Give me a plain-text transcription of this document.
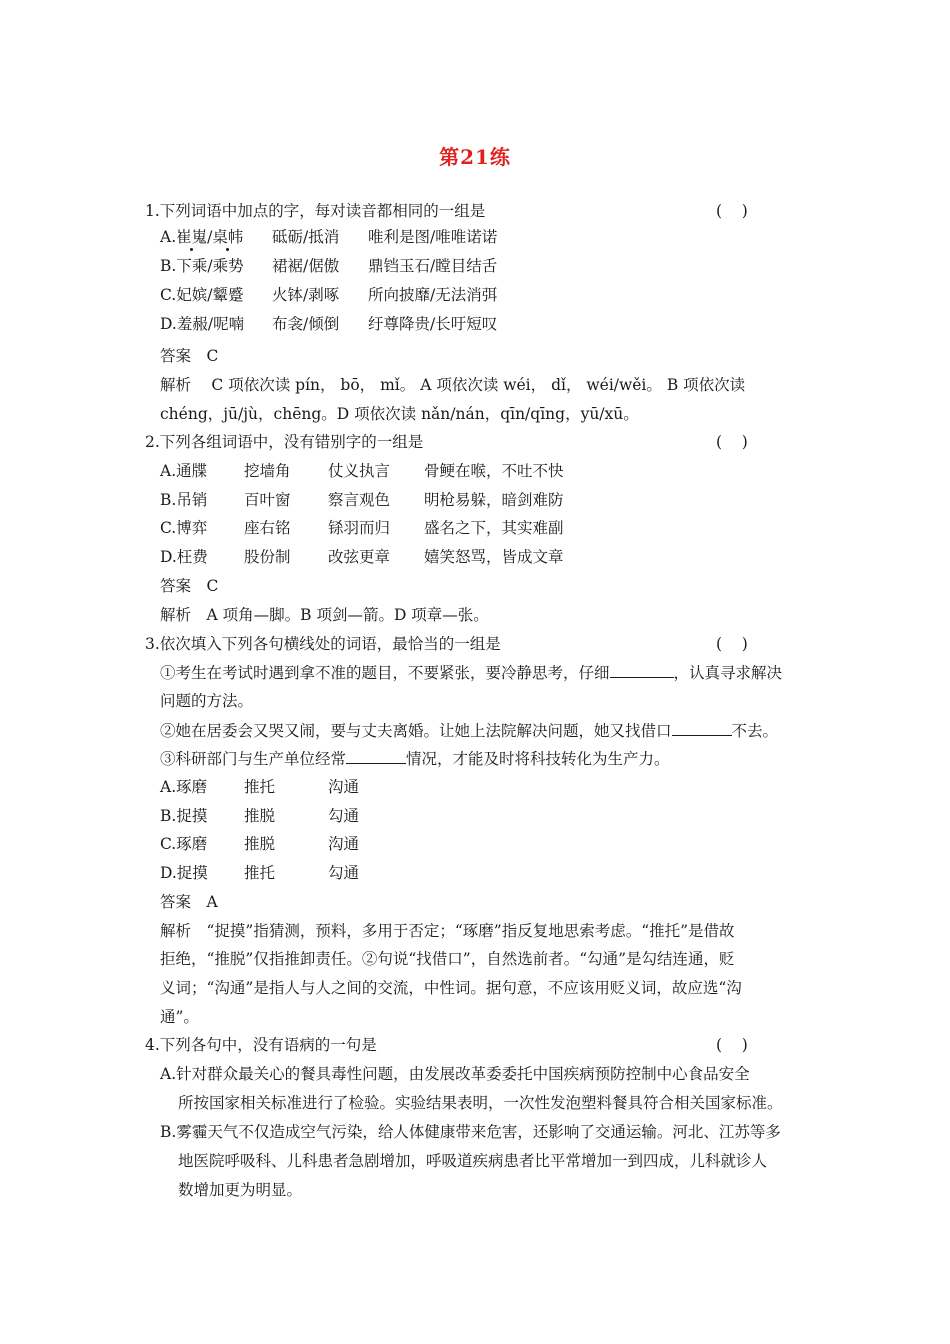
第21练
1.下列词语中加点的字，每对读音都相同的一组是	(    )
A.崔嵬/桌帏 砥砺/抵消 唯利是图/唯唯诺诺
B.下乘/乘势 裙裾/倨傲 鼎铛玉石/瞠目结舌
C.妃嫔/颦蹙 火钵/剥啄 所向披靡/无法消弭
D.羞赧/呢喃 布衾/倾倒 纡尊降贵/长吁短叹
答案　C
解析　 C 项依次读 pín， bō， mǐ。 A 项依次读 wéi， dǐ， wéi/wěi。 B 项依次读
chéng，jū/jù，chēng。D 项依次读 nǎn/nán，qīn/qīng，yū/xū。
2.下列各组词语中，没有错别字的一组是	(    )
A.通牒 挖墙角 仗义执言 骨鲠在喉，不吐不快
B.吊销 百叶窗 察言观色 明枪易躲，暗剑难防
C.博弈 座右铭 铩羽而归 盛名之下，其实难副
D.枉费 股份制 改弦更章 嬉笑怒骂，皆成文章
答案　C
解析　A 项角—脚。B 项剑—箭。D 项章—张。
3.依次填入下列各句横线处的词语，最恰当的一组是	(    )
①考生在考试时遇到拿不准的题目，不要紧张，要冷静思考，仔细	，认真寻求解决
问题的方法。
②她在居委会又哭又闹，要与丈夫离婚。让她上法院解决问题，她又找借口	不去。
③科研部门与生产单位经常	情况，才能及时将科技转化为生产力。
A.琢磨 推托	沟通
B.捉摸 推脱	勾通
C.琢磨 推脱	沟通
D.捉摸 推托	勾通
答案　A
解析　“捉摸”指猜测，预料，多用于否定；“琢磨”指反复地思索考虑。“推托”是借故
拒绝，“推脱”仅指推卸责任。②句说“找借口”，自然选前者。“勾通”是勾结连通，贬
义词；“沟通”是指人与人之间的交流，中性词。据句意，不应该用贬义词，故应选“沟
通”。
4.下列各句中，没有语病的一句是	(    )
A.针对群众最关心的餐具毒性问题，由发展改革委委托中国疾病预防控制中心食品安全
所按国家相关标准进行了检验。实验结果表明，一次性发泡塑料餐具符合相关国家标准。
B.雾霾天气不仅造成空气污染，给人体健康带来危害，还影响了交通运输。河北、江苏等多
地医院呼吸科、儿科患者急剧增加，呼吸道疾病患者比平常增加一到四成，儿科就诊人
数增加更为明显。
